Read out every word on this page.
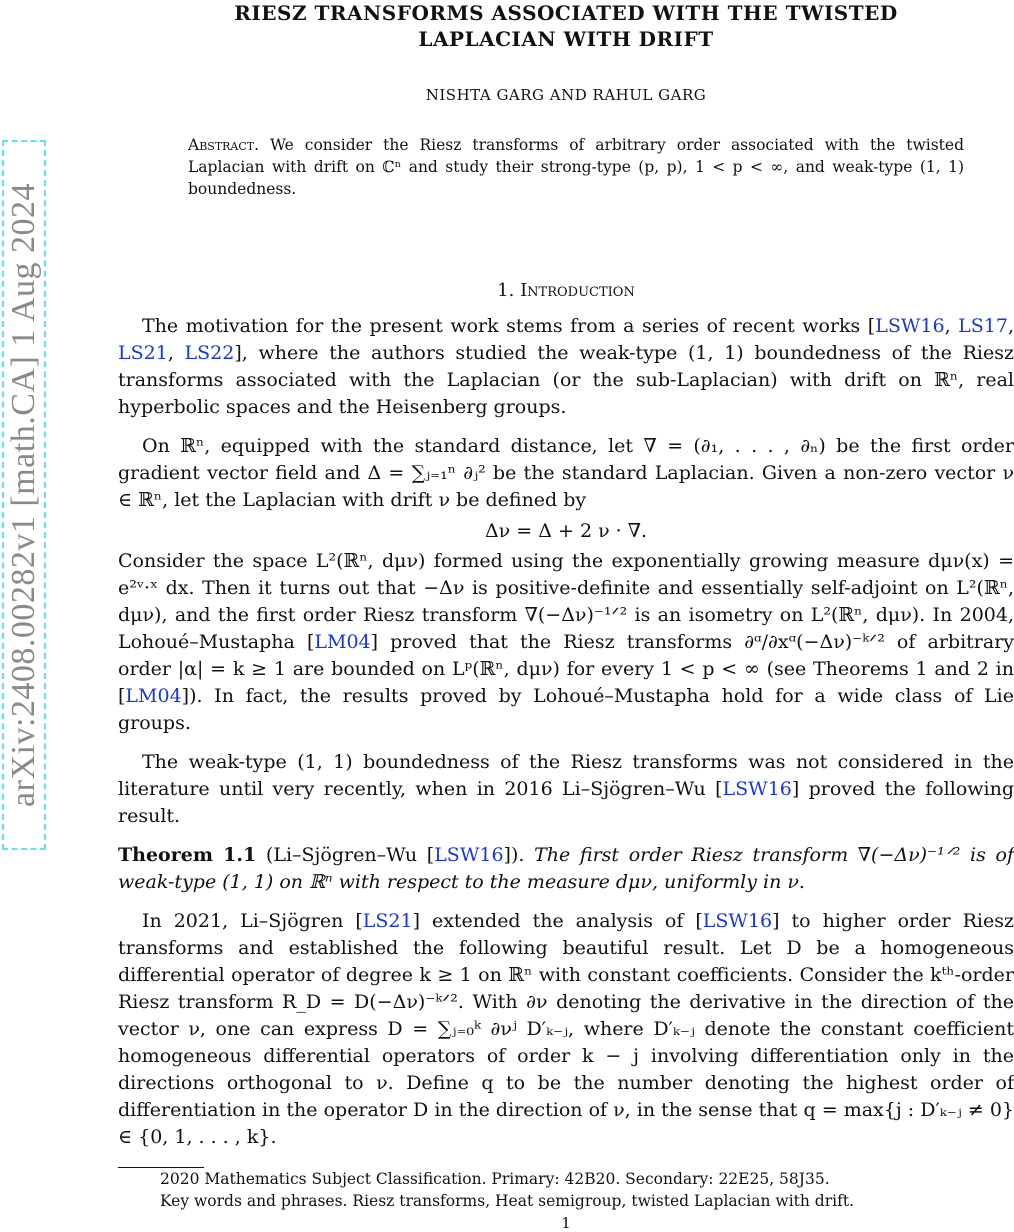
arXiv:2408.00282v1 [math.CA] 1 Aug 2024
RIESZ TRANSFORMS ASSOCIATED WITH THE TWISTED
LAPLACIAN WITH DRIFT
NISHTA GARG AND RAHUL GARG
Abstract. We consider the Riesz transforms of arbitrary order associated with the twisted Laplacian with drift on ℂⁿ and study their strong-type (p, p), 1 < p < ∞, and weak-type (1, 1) boundedness.
1. Introduction

The motivation for the present work stems from a series of recent works [LSW16, LS17, LS21, LS22], where the authors studied the weak-type (1, 1) boundedness of the Riesz transforms associated with the Laplacian (or the sub-Laplacian) with drift on ℝⁿ, real hyperbolic spaces and the Heisenberg groups.

On ℝⁿ, equipped with the standard distance, let ∇ = (∂₁, . . . , ∂ₙ) be the first order gradient vector field and Δ = ∑ⱼ₌₁ⁿ ∂ⱼ² be the standard Laplacian. Given a non-zero vector ν ∈ ℝⁿ, let the Laplacian with drift ν be defined by

Δν = Δ + 2 ν · ∇.

Consider the space L²(ℝⁿ, dμν) formed using the exponentially growing measure dμν(x) = e²ᵛ·ˣ dx. Then it turns out that −Δν is positive-definite and essentially self-adjoint on L²(ℝⁿ, dμν), and the first order Riesz transform ∇(−Δν)⁻¹ᐟ² is an isometry on L²(ℝⁿ, dμν). In 2004, Lohoué–Mustapha [LM04] proved that the Riesz transforms ∂ᵅ/∂xᵅ(−Δν)⁻ᵏᐟ² of arbitrary order |α| = k ≥ 1 are bounded on Lᵖ(ℝⁿ, dμν) for every 1 < p < ∞ (see Theorems 1 and 2 in [LM04]). In fact, the results proved by Lohoué–Mustapha hold for a wide class of Lie groups.

The weak-type (1, 1) boundedness of the Riesz transforms was not considered in the literature until very recently, when in 2016 Li–Sjögren–Wu [LSW16] proved the following result.

Theorem 1.1 (Li–Sjögren–Wu [LSW16]). The first order Riesz transform ∇(−Δν)⁻¹ᐟ² is of weak-type (1, 1) on ℝⁿ with respect to the measure dμν, uniformly in ν.

In 2021, Li–Sjögren [LS21] extended the analysis of [LSW16] to higher order Riesz transforms and established the following beautiful result. Let D be a homogeneous differential operator of degree k ≥ 1 on ℝⁿ with constant coefficients. Consider the kᵗʰ-order Riesz transform R_D = D(−Δν)⁻ᵏᐟ². With ∂ν denoting the derivative in the direction of the vector ν, one can express D = ∑ⱼ₌₀ᵏ ∂νʲ D′ₖ₋ⱼ, where D′ₖ₋ⱼ denote the constant coefficient homogeneous differential operators of order k − j involving differentiation only in the directions orthogonal to ν. Define q to be the number denoting the highest order of differentiation in the operator D in the direction of ν, in the sense that q = max{j : D′ₖ₋ⱼ ≠ 0} ∈ {0, 1, . . . , k}.

2020 Mathematics Subject Classification. Primary: 42B20. Secondary: 22E25, 58J35.
Key words and phrases. Riesz transforms, Heat semigroup, twisted Laplacian with drift.
1
